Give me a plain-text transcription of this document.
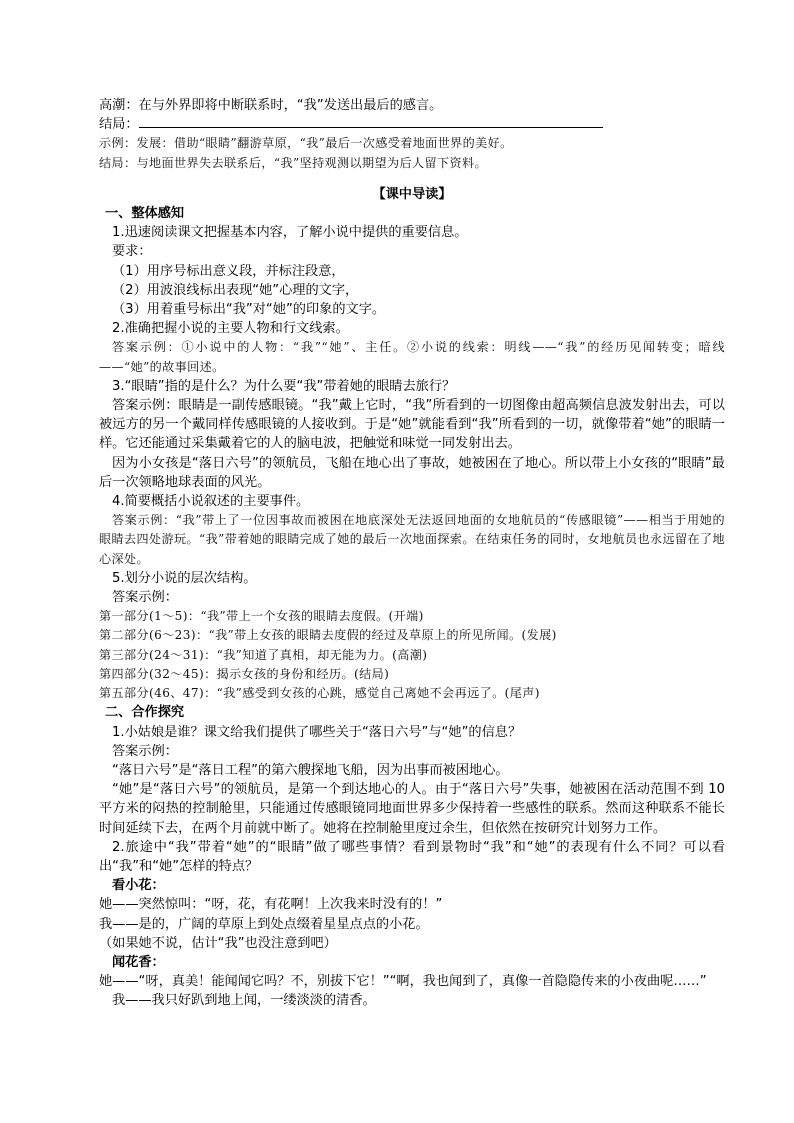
高潮：在与外界即将中断联系时，“我”发送出最后的感言。

结局：

示例：发展：借助“眼睛”翻游草原，“我”最后一次感受着地面世界的美好。

结局：与地面世界失去联系后，“我”坚持观测以期望为后人留下资料。

【课中导读】

一、整体感知

1.迅速阅读课文把握基本内容，了解小说中提供的重要信息。

要求：

（1）用序号标出意义段，并标注段意，

（2）用波浪线标出表现“她”心理的文字，

（3）用着重号标出“我”对“她”的印象的文字。

2.准确把握小说的主要人物和行文线索。

答案示例：①小说中的人物：“我”“她”、主任。②小说的线索：明线——“我”的经历见闻转变；暗线——“她”的故事回述。

3.“眼睛”指的是什么？为什么要“我”带着她的眼睛去旅行？

答案示例：眼睛是一副传感眼镜。“我”戴上它时，“我”所看到的一切图像由超高频信息波发射出去，可以被远方的另一个戴同样传感眼镜的人接收到。于是“她”就能看到“我”所看到的一切，就像带着“她”的眼睛一样。它还能通过采集戴着它的人的脑电波，把触觉和味觉一同发射出去。

因为小女孩是“落日六号”的领航员，飞船在地心出了事故，她被困在了地心。所以带上小女孩的“眼睛”最后一次领略地球表面的风光。

4.简要概括小说叙述的主要事件。

答案示例：“我”带上了一位因事故而被困在地底深处无法返回地面的女地航员的“传感眼镜”——相当于用她的眼睛去四处游玩。“我”带着她的眼睛完成了她的最后一次地面探索。在结束任务的同时，女地航员也永远留在了地心深处。

5.划分小说的层次结构。

答案示例：

第一部分(1～5)：“我”带上一个女孩的眼睛去度假。(开端)

第二部分(6～23)：“我”带上女孩的眼睛去度假的经过及草原上的所见所闻。(发展)

第三部分(24～31)：“我”知道了真相，却无能为力。(高潮)

第四部分(32～45)：揭示女孩的身份和经历。(结局)

第五部分(46、47)：“我”感受到女孩的心跳，感觉自己离她不会再远了。(尾声)

二、合作探究

1.小姑娘是谁？课文给我们提供了哪些关于“落日六号”与“她”的信息？

答案示例：

“落日六号”是“落日工程”的第六艘探地飞船，因为出事而被困地心。

“她”是“落日六号”的领航员，是第一个到达地心的人。由于“落日六号”失事，她被困在活动范围不到 10 平方米的闷热的控制舱里，只能通过传感眼镜同地面世界多少保持着一些感性的联系。然而这种联系不能长时间延续下去，在两个月前就中断了。她将在控制舱里度过余生，但依然在按研究计划努力工作。

2.旅途中“我”带着“她”的“眼睛”做了哪些事情？看到景物时“我”和“她”的表现有什么不同？可以看出“我”和“她”怎样的特点？

看小花：

她——突然惊叫：“呀，花，有花啊！上次我来时没有的！”

我——是的，广阔的草原上到处点缀着星星点点的小花。

（如果她不说，估计“我”也没注意到吧）

闻花香：

她——“呀，真美！能闻闻它吗？不，别拔下它！”“啊，我也闻到了，真像一首隐隐传来的小夜曲呢……”

我——我只好趴到地上闻，一缕淡淡的清香。
